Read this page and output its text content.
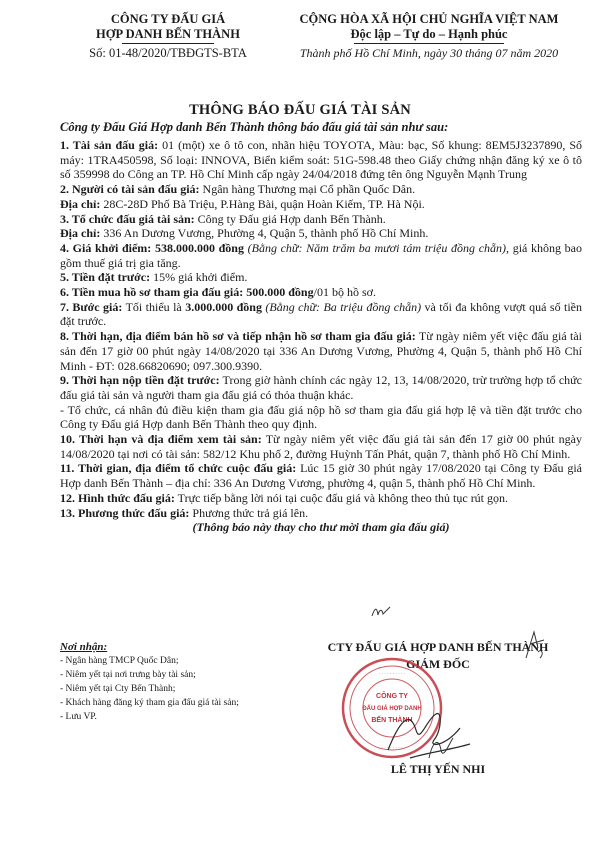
CÔNG TY ĐẤU GIÁ
HỢP DANH BẾN THÀNH
Số: 01-48/2020/TBĐGTS-BTA
CỘNG HÒA XÃ HỘI CHỦ NGHĨA VIỆT NAM
Độc lập – Tự do – Hạnh phúc
Thành phố Hồ Chí Minh, ngày 30 tháng 07 năm 2020
THÔNG BÁO ĐẤU GIÁ TÀI SẢN
Công ty Đấu Giá Hợp danh Bến Thành thông báo đấu giá tài sản như sau:

1. Tài sản đấu giá: 01 (một) xe ô tô con, nhãn hiệu TOYOTA, Màu: bạc, Số khung: 8EM5J3237890, Số máy: 1TRA450598, Số loại: INNOVA, Biển kiểm soát: 51G-598.48 theo Giấy chứng nhận đăng ký xe ô tô số 359998 do Công an TP. Hồ Chí Minh cấp ngày 24/04/2018 đứng tên ông Nguyễn Mạnh Trung

2. Người có tài sản đấu giá: Ngân hàng Thương mại Cổ phần Quốc Dân.

Địa chỉ: 28C-28D Phố Bà Triệu, P.Hàng Bài, quận Hoàn Kiếm, TP. Hà Nội.

3. Tổ chức đấu giá tài sản: Công ty Đấu giá Hợp danh Bến Thành.

Địa chỉ: 336 An Dương Vương, Phường 4, Quận 5, thành phố Hồ Chí Minh.

4. Giá khởi điểm: 538.000.000 đồng (Bằng chữ: Năm trăm ba mươi tám triệu đồng chẵn), giá không bao gồm thuế giá trị gia tăng.

5. Tiền đặt trước: 15% giá khởi điểm.

6. Tiền mua hồ sơ tham gia đấu giá: 500.000 đồng/01 bộ hồ sơ.

7. Bước giá: Tối thiểu là 3.000.000 đồng (Bằng chữ: Ba triệu đồng chẵn) và tối đa không vượt quá số tiền đặt trước.

8. Thời hạn, địa điểm bán hồ sơ và tiếp nhận hồ sơ tham gia đấu giá: Từ ngày niêm yết việc đấu giá tài sản đến 17 giờ 00 phút ngày 14/08/2020 tại 336 An Dương Vương, Phường 4, Quận 5, thành phố Hồ Chí Minh - ĐT: 028.66820690; 097.300.9390.

9. Thời hạn nộp tiền đặt trước: Trong giờ hành chính các ngày 12, 13, 14/08/2020, trừ trường hợp tổ chức đấu giá tài sản và người tham gia đấu giá có thỏa thuận khác.

- Tổ chức, cá nhân đủ điều kiện tham gia đấu giá nộp hồ sơ tham gia đấu giá hợp lệ và tiền đặt trước cho Công ty Đấu giá Hợp danh Bến Thành theo quy định.

10. Thời hạn và địa điểm xem tài sản: Từ ngày niêm yết việc đấu giá tài sản đến 17 giờ 00 phút ngày 14/08/2020 tại nơi có tài sản: 582/12 Khu phố 2, đường Huỳnh Tấn Phát, quận 7, thành phố Hồ Chí Minh.

11. Thời gian, địa điểm tổ chức cuộc đấu giá: Lúc 15 giờ 30 phút ngày 17/08/2020 tại Công ty Đấu giá Hợp danh Bến Thành – địa chỉ: 336 An Dương Vương, phường 4, quận 5, thành phố Hồ Chí Minh.

12. Hình thức đấu giá: Trực tiếp bằng lời nói tại cuộc đấu giá và không theo thủ tục rút gọn.

13. Phương thức đấu giá: Phương thức trả giá lên.

(Thông báo này thay cho thư mời tham gia đấu giá)

Nơi nhận:
- Ngân hàng TMCP Quốc Dân;
- Niêm yết tại nơi trưng bày tài sản;
- Niêm yết tại Cty Bến Thành;
- Khách hàng đăng ký tham gia đấu giá tài sản;
- Lưu VP.
CTY ĐẤU GIÁ HỢP DANH BẾN THÀNH
GIÁM ĐỐC
LÊ THỊ YẾN NHI
CÔNG TY
ĐẤU GIÁ HỢP DANH
BẾN THÀNH
. . . . . . . . . .
. . . . . . . . . .
